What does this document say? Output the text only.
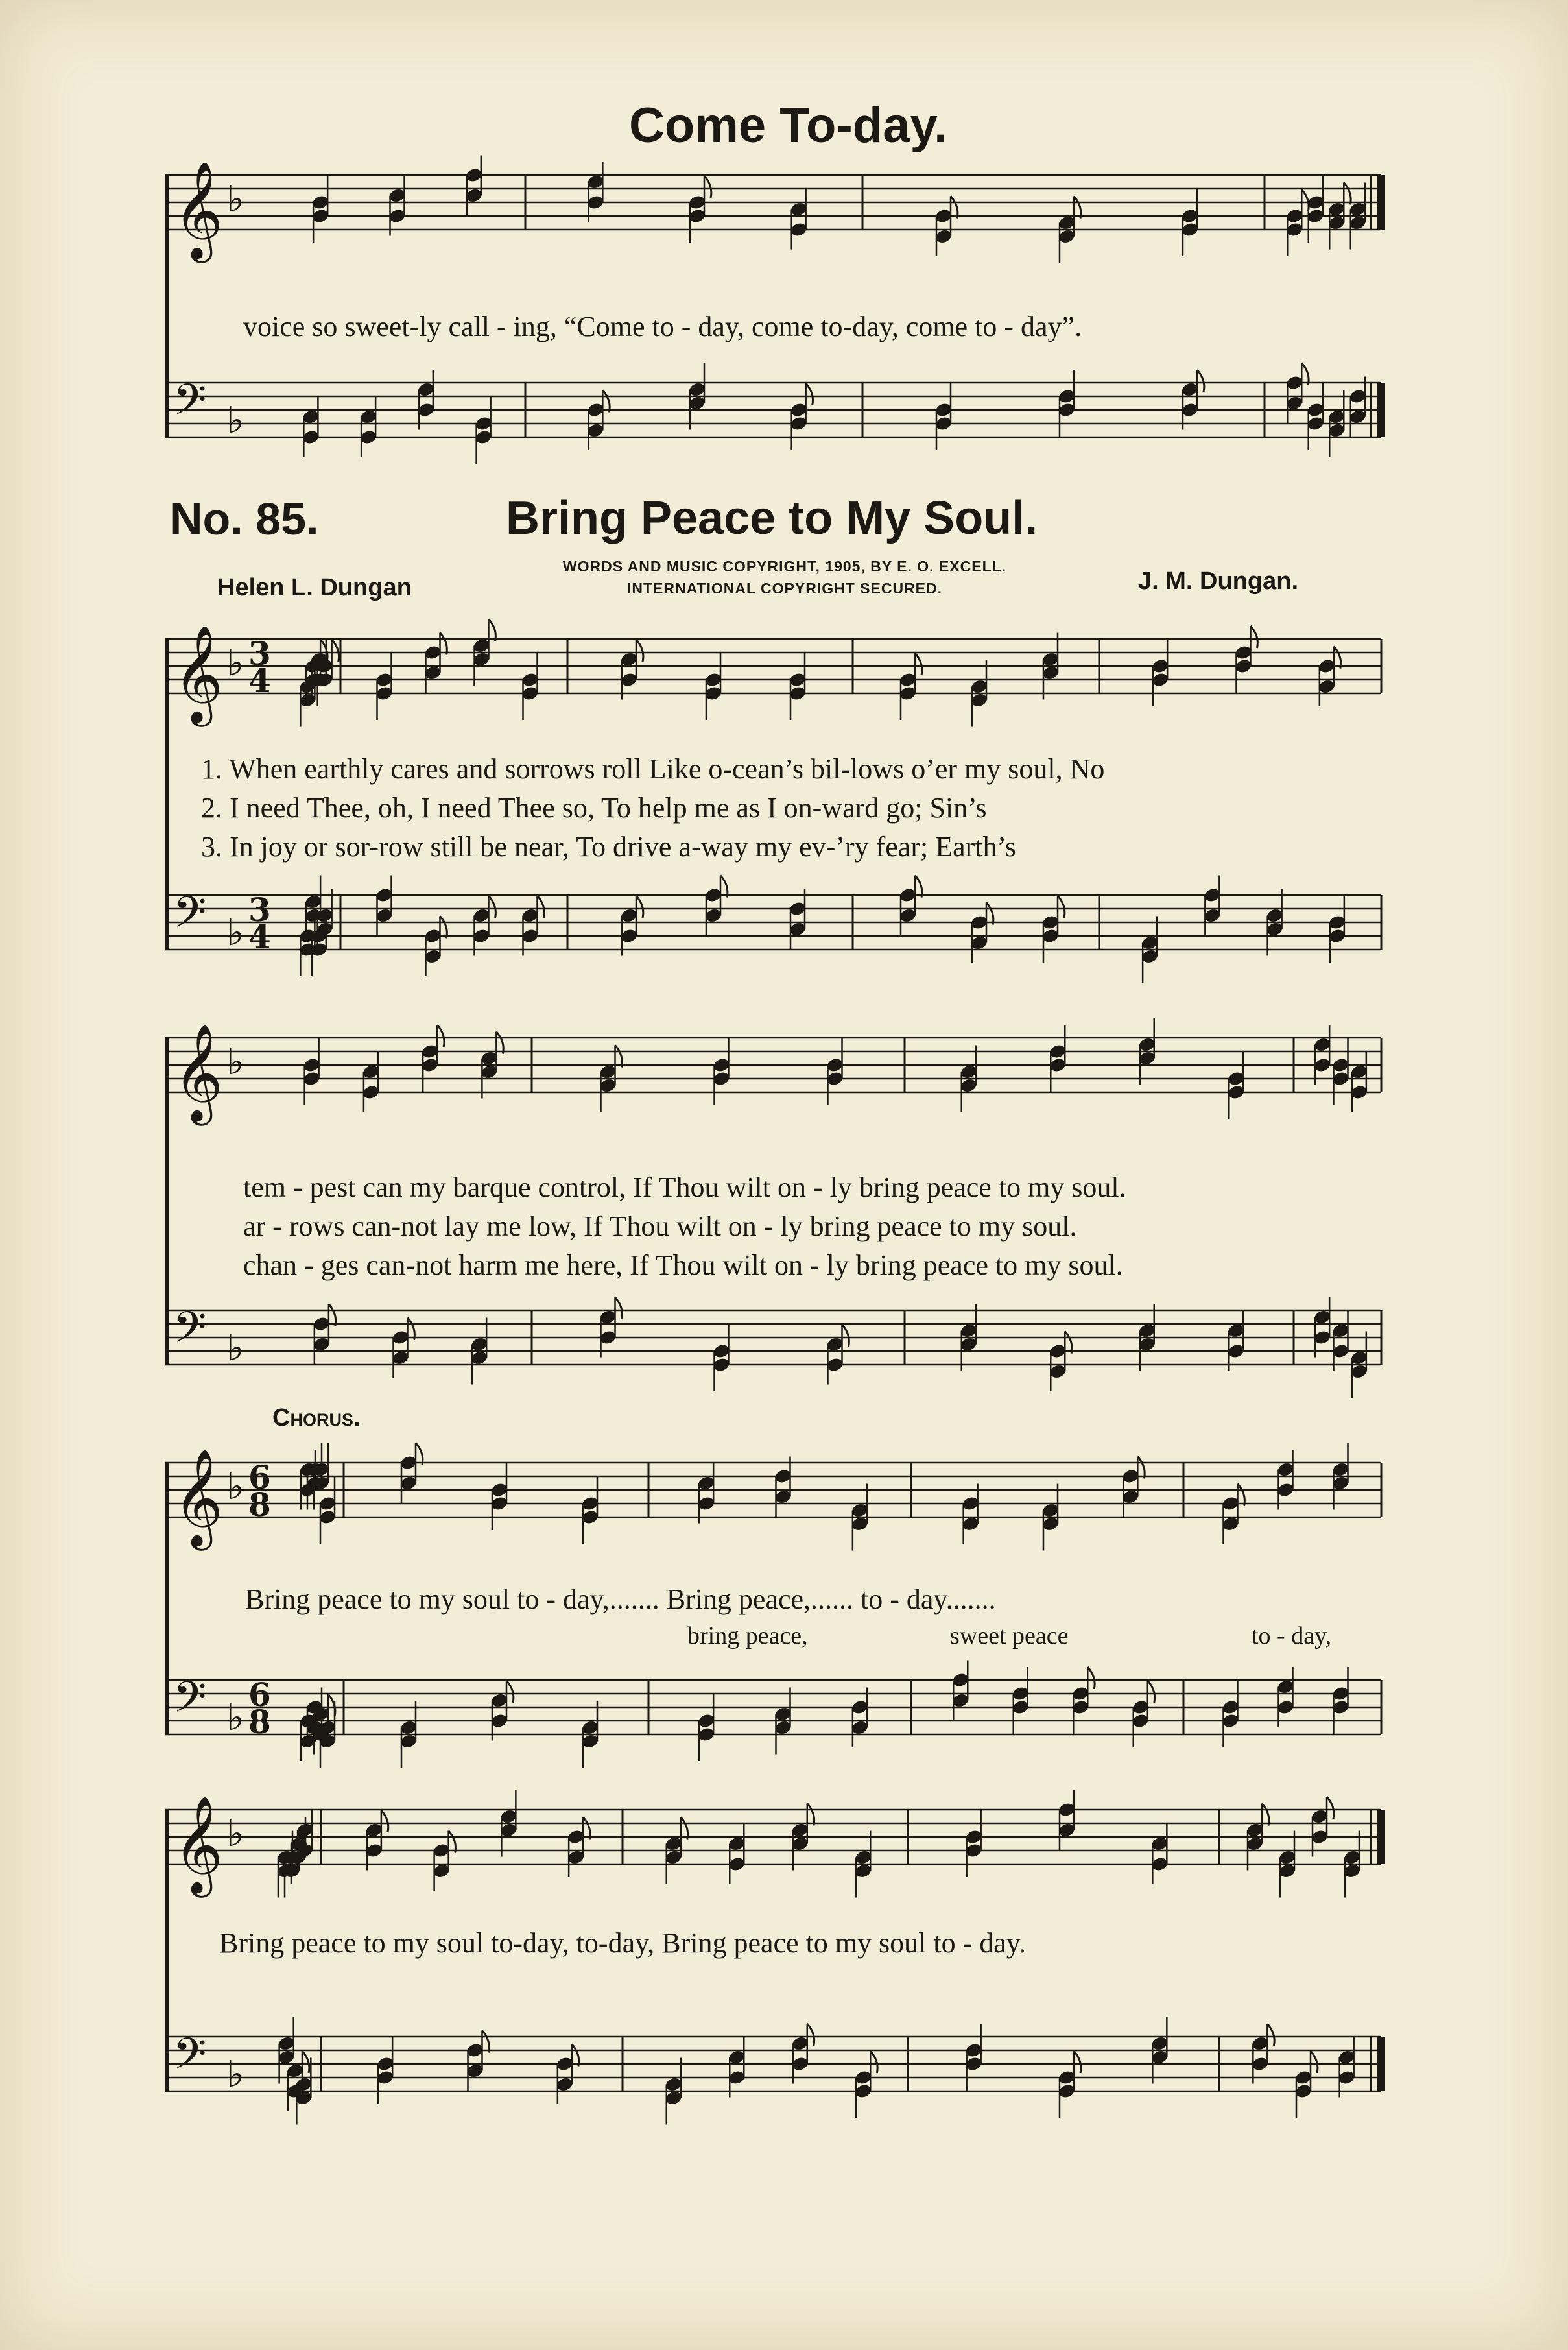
𝄞 ♭
𝄢 ♭
𝄞 ♭ 3
4
𝄢 ♭
3
4
𝄞 ♭
𝄢 ♭
𝄞 ♭ 6
8
𝄢 ♭
6
8
𝄞 ♭
𝄢 ♭
Come To-day.
voice so sweet-ly call - ing, “Come to - day, come to-day, come to - day”.
No. 85.	Bring Peace to My Soul.
Helen L. Dungan
WORDS AND MUSIC COPYRIGHT, 1905, BY E. O. EXCELL.
INTERNATIONAL COPYRIGHT SECURED.	J. M. Dungan.
1. When earthly cares and sorrows roll Like o-cean’s bil-lows o’er my soul, No
2. I need Thee, oh, I need Thee so, To help me as I on-ward go; Sin’s
3. In joy or sor-row still be near, To drive a-way my ev-’ry fear; Earth’s
tem - pest can my barque control, If Thou wilt on - ly bring peace to my soul.
ar - rows can-not lay me low, If Thou wilt on - ly bring peace to my soul.
chan - ges can-not harm me here, If Thou wilt on - ly bring peace to my soul.
Chorus.
Bring peace to my soul to - day,....... Bring peace,...... to - day.......
bring peace,	sweet peace	to - day,
Bring peace to my soul to-day, to-day, Bring peace to my soul to - day.
